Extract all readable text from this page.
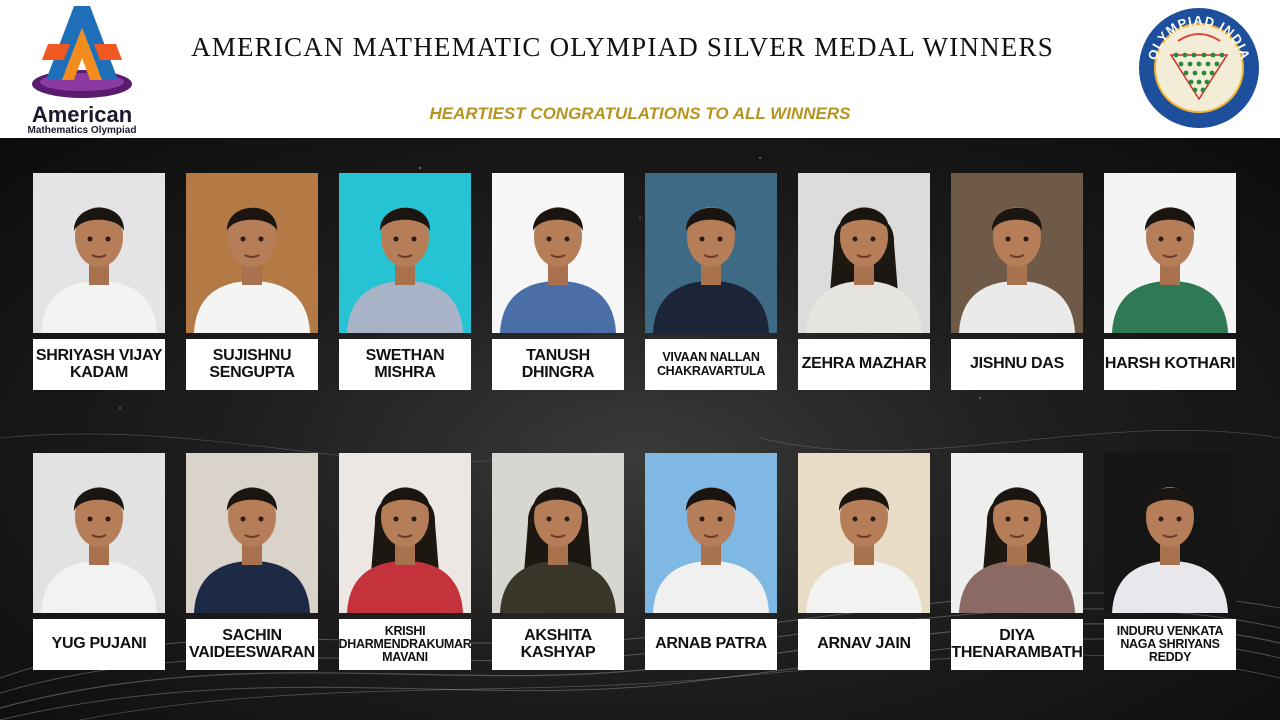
American
Mathematics Olympiad
AMERICAN MATHEMATIC OLYMPIAD SILVER MEDAL WINNERS
HEARTIEST CONGRATULATIONS TO ALL WINNERS
OLYMPIAD INDIA
SHRIYASH VIJAY KADAM
SUJISHNU SENGUPTA
SWETHAN MISHRA
TANUSH DHINGRA
VIVAAN NALLAN CHAKRAVARTULA	ZEHRA MAZHAR	JISHNU DAS	HARSH KOTHARI
YUG PUJANI	SACHIN VAIDEESWARAN
KRISHI DHARMENDRAKUMAR MAVANI
AKSHITA KASHYAP	ARNAB PATRA	ARNAV JAIN	DIYA THENARAMBATH
INDURU VENKATA NAGA SHRIYANS REDDY
